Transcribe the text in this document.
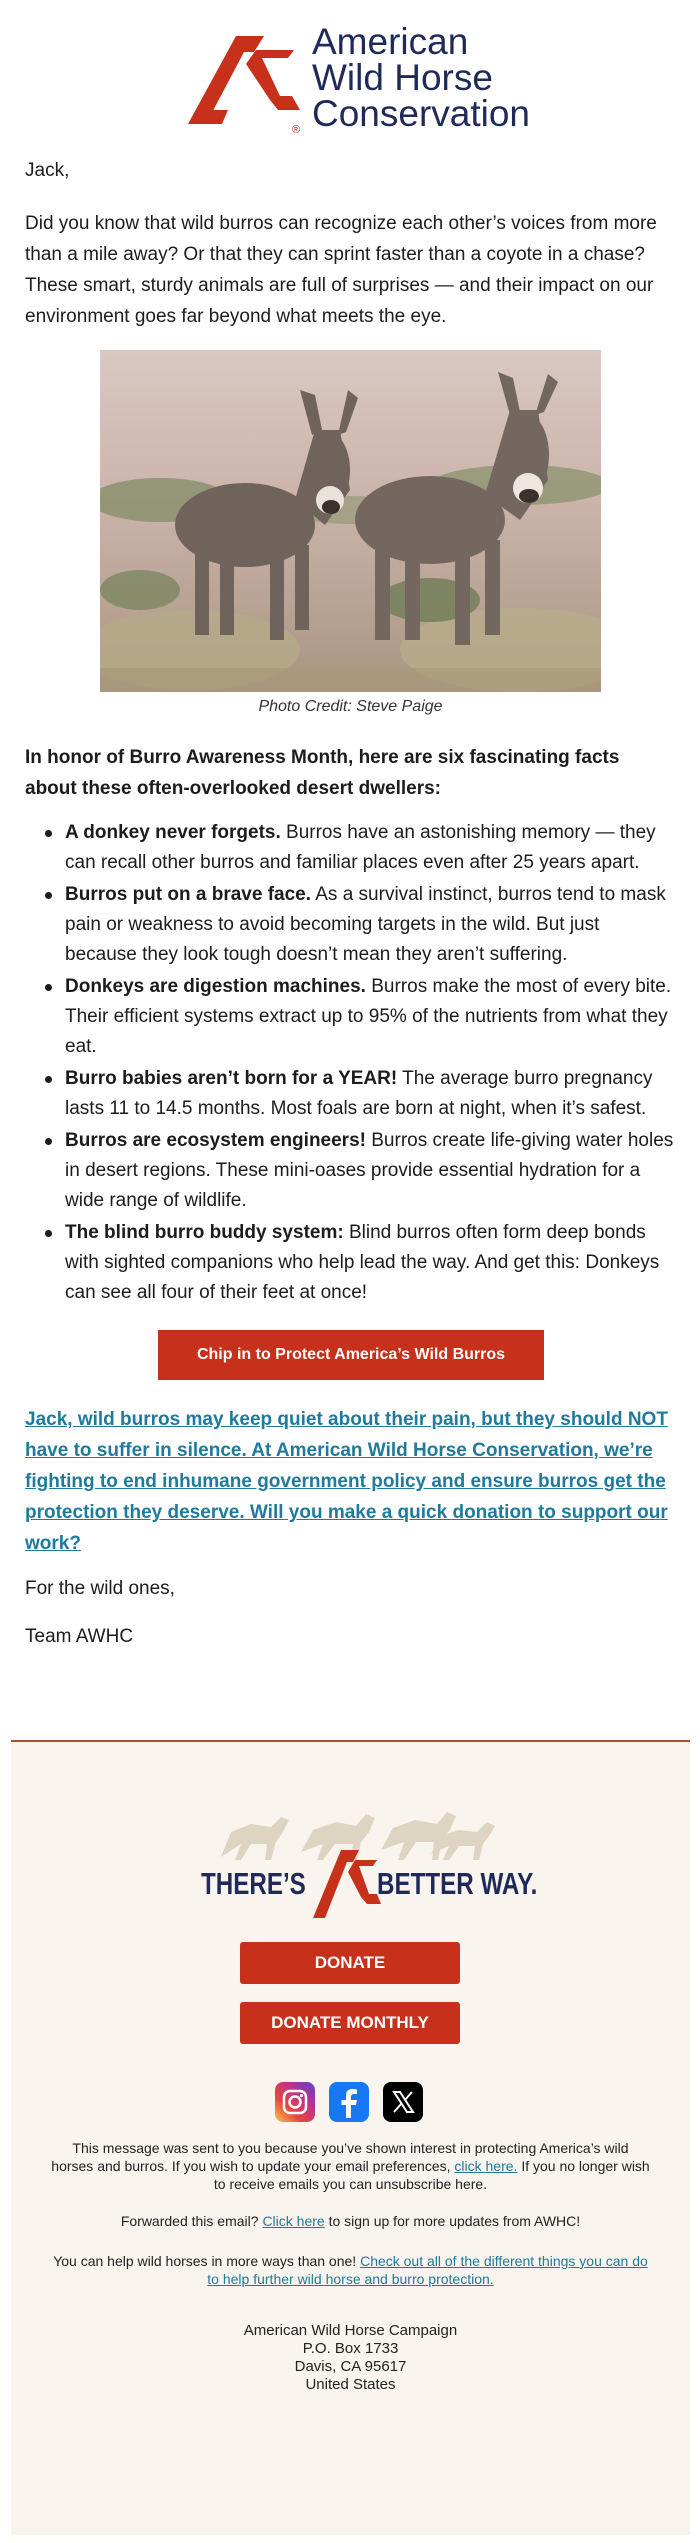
American
Wild Horse
Conservation
®
Jack,
Did you know that wild burros can recognize each other’s voices from more than a mile away? Or that they can sprint faster than a coyote in a chase? These smart, sturdy animals are full of surprises — and their impact on our environment goes far beyond what meets the eye.
Photo Credit: Steve Paige
In honor of Burro Awareness Month, here are six fascinating facts about these often-overlooked desert dwellers:
A donkey never forgets. Burros have an astonishing memory — they can recall other burros and familiar places even after 25 years apart.
Burros put on a brave face. As a survival instinct, burros tend to mask pain or weakness to avoid becoming targets in the wild. But just because they look tough doesn’t mean they aren’t suffering.
Donkeys are digestion machines. Burros make the most of every bite. Their efficient systems extract up to 95% of the nutrients from what they eat.
Burro babies aren’t born for a YEAR! The average burro pregnancy lasts 11 to 14.5 months. Most foals are born at night, when it’s safest.
Burros are ecosystem engineers! Burros create life-giving water holes in desert regions. These mini-oases provide essential hydration for a wide range of wildlife.
The blind burro buddy system: Blind burros often form deep bonds with sighted companions who help lead the way. And get this: Donkeys can see all four of their feet at once!
Chip in to Protect America’s Wild Burros
Jack, wild burros may keep quiet about their pain, but they should NOT have to suffer in silence. At American Wild Horse Conservation, we’re fighting to end inhumane government policy and ensure burros get the protection they deserve. Will you make a quick donation to support our work?
For the wild ones,
Team AWHC
THERE’S BETTER WAY.
DONATE
DONATE MONTHLY
This message was sent to you because you’ve shown interest in protecting America’s wild horses and burros. If you wish to update your email preferences, click here. If you no longer wish to receive emails you can unsubscribe here.
Forwarded this email? Click here to sign up for more updates from AWHC!
You can help wild horses in more ways than one! Check out all of the different things you can do to help further wild horse and burro protection.
American Wild Horse Campaign
P.O. Box 1733
Davis, CA 95617
United States
